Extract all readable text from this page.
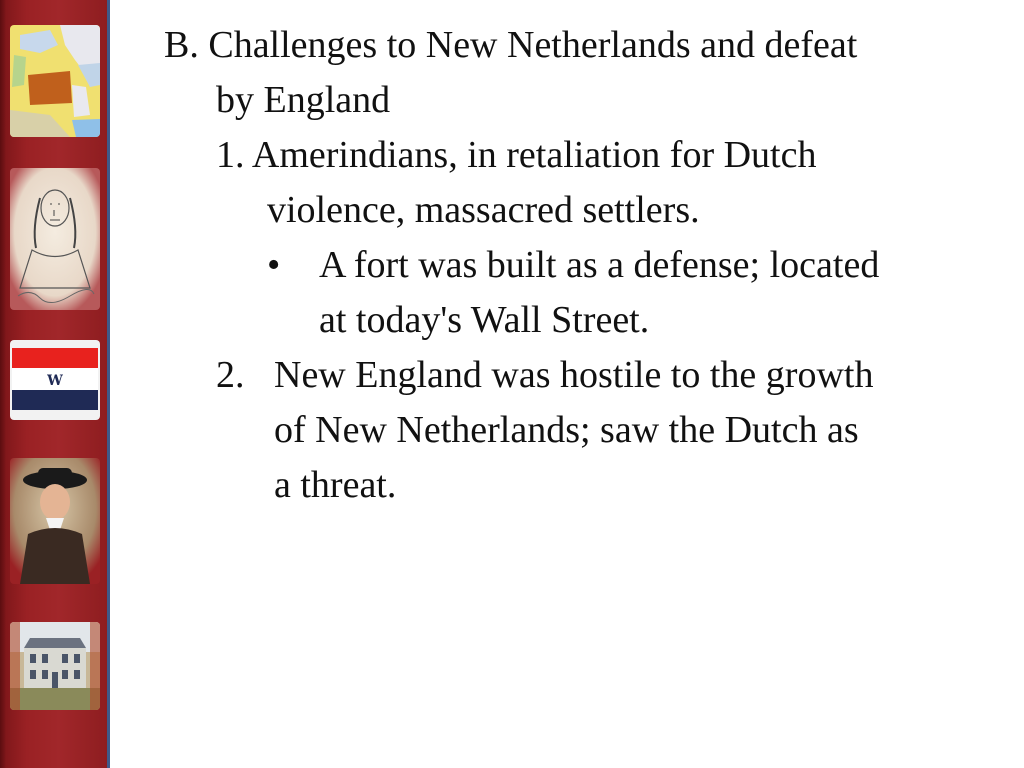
W
B. Challenges to New Netherlands and defeat
by England
1. Amerindians, in retaliation for Dutch
violence, massacred settlers.
• A fort was built as a defense; located
at today's Wall Street.
2. New England was hostile to the growth
of New Netherlands; saw the Dutch as
a threat.
